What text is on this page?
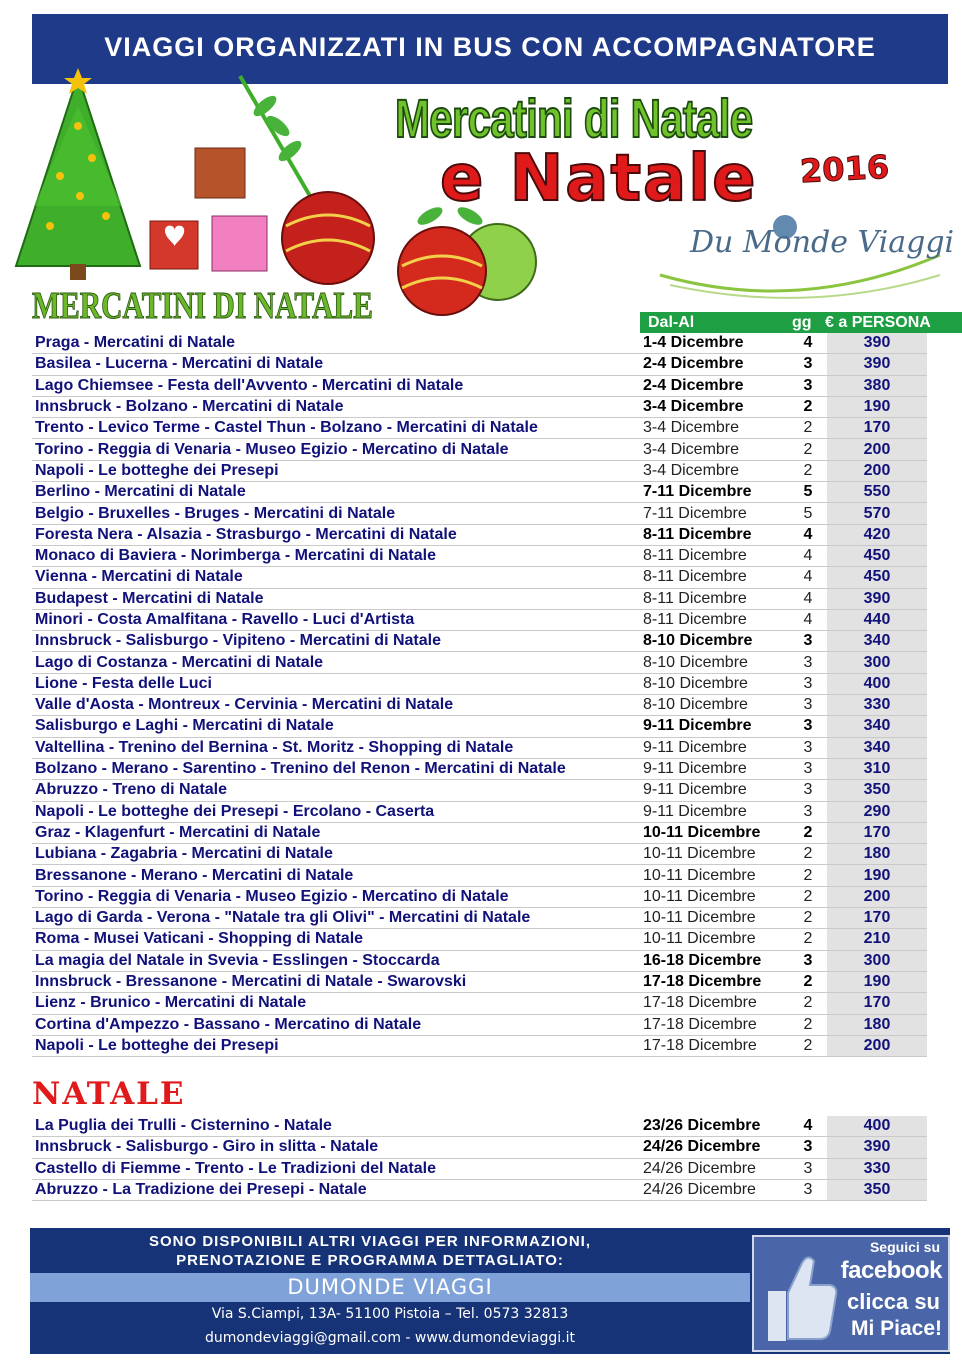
VIAGGI ORGANIZZATI IN BUS CON ACCOMPAGNATORE
Mercatini di Natale
e Natale 2016
Du Monde Viaggi
MERCATINI DI NATALE	Dal-Al	gg € a PERSONA
Praga - Mercatini di Natale	1-4 Dicembre	4	390
Basilea - Lucerna - Mercatini di Natale	2-4 Dicembre	3	390
Lago Chiemsee - Festa dell'Avvento - Mercatini di Natale	2-4 Dicembre	3	380
Innsbruck - Bolzano - Mercatini di Natale	3-4 Dicembre	2	190
Trento - Levico Terme - Castel Thun - Bolzano - Mercatini di Natale	3-4 Dicembre	2	170
Torino - Reggia di Venaria - Museo Egizio - Mercatino di Natale	3-4 Dicembre	2	200
Napoli - Le botteghe dei Presepi	3-4 Dicembre	2	200
Berlino - Mercatini di Natale	7-11 Dicembre	5	550
Belgio - Bruxelles - Bruges - Mercatini di Natale	7-11 Dicembre	5	570
Foresta Nera - Alsazia - Strasburgo - Mercatini di Natale	8-11 Dicembre	4	420
Monaco di Baviera - Norimberga - Mercatini di Natale	8-11 Dicembre	4	450
Vienna - Mercatini di Natale	8-11 Dicembre	4	450
Budapest - Mercatini di Natale	8-11 Dicembre	4	390
Minori - Costa Amalfitana - Ravello - Luci d'Artista	8-11 Dicembre	4	440
Innsbruck - Salisburgo - Vipiteno - Mercatini di Natale	8-10 Dicembre	3	340
Lago di Costanza - Mercatini di Natale	8-10 Dicembre	3	300
Lione - Festa delle Luci	8-10 Dicembre	3	400
Valle d'Aosta - Montreux - Cervinia - Mercatini di Natale	8-10 Dicembre	3	330
Salisburgo e Laghi - Mercatini di Natale	9-11 Dicembre	3	340
Valtellina - Trenino del Bernina - St. Moritz - Shopping di Natale	9-11 Dicembre	3	340
Bolzano - Merano - Sarentino - Trenino del Renon - Mercatini di Natale	9-11 Dicembre	3	310
Abruzzo - Treno di Natale	9-11 Dicembre	3	350
Napoli - Le botteghe dei Presepi - Ercolano - Caserta	9-11 Dicembre	3	290
Graz - Klagenfurt - Mercatini di Natale	10-11 Dicembre	2	170
Lubiana - Zagabria - Mercatini di Natale	10-11 Dicembre	2	180
Bressanone - Merano - Mercatini di Natale	10-11 Dicembre	2	190
Torino - Reggia di Venaria - Museo Egizio - Mercatino di Natale	10-11 Dicembre	2	200
Lago di Garda - Verona - "Natale tra gli Olivi" - Mercatini di Natale	10-11 Dicembre	2	170
Roma - Musei Vaticani - Shopping di Natale	10-11 Dicembre	2	210
La magia del Natale in Svevia - Esslingen - Stoccarda	16-18 Dicembre	3	300
Innsbruck - Bressanone - Mercatini di Natale - Swarovski	17-18 Dicembre	2	190
Lienz - Brunico - Mercatini di Natale	17-18 Dicembre	2	170
Cortina d'Ampezzo - Bassano - Mercatino di Natale	17-18 Dicembre	2	180
Napoli - Le botteghe dei Presepi	17-18 Dicembre	2	200
NATALE
La Puglia dei Trulli - Cisternino - Natale	23/26 Dicembre	4	400
Innsbruck - Salisburgo - Giro in slitta - Natale	24/26 Dicembre	3	390
Castello di Fiemme - Trento - Le Tradizioni del Natale	24/26 Dicembre	3	330
Abruzzo - La Tradizione dei Presepi - Natale	24/26 Dicembre	3	350
SONO DISPONIBILI ALTRI VIAGGI PER INFORMAZIONI,
PRENOTAZIONE E PROGRAMMA DETTAGLIATO:
DUMONDE VIAGGI
Via S.Ciampi, 13A- 51100 Pistoia – Tel. 0573 32813
dumondeviaggi@gmail.com - www.dumondeviaggi.it
Seguici su
facebook
clicca su
Mi Piace!
